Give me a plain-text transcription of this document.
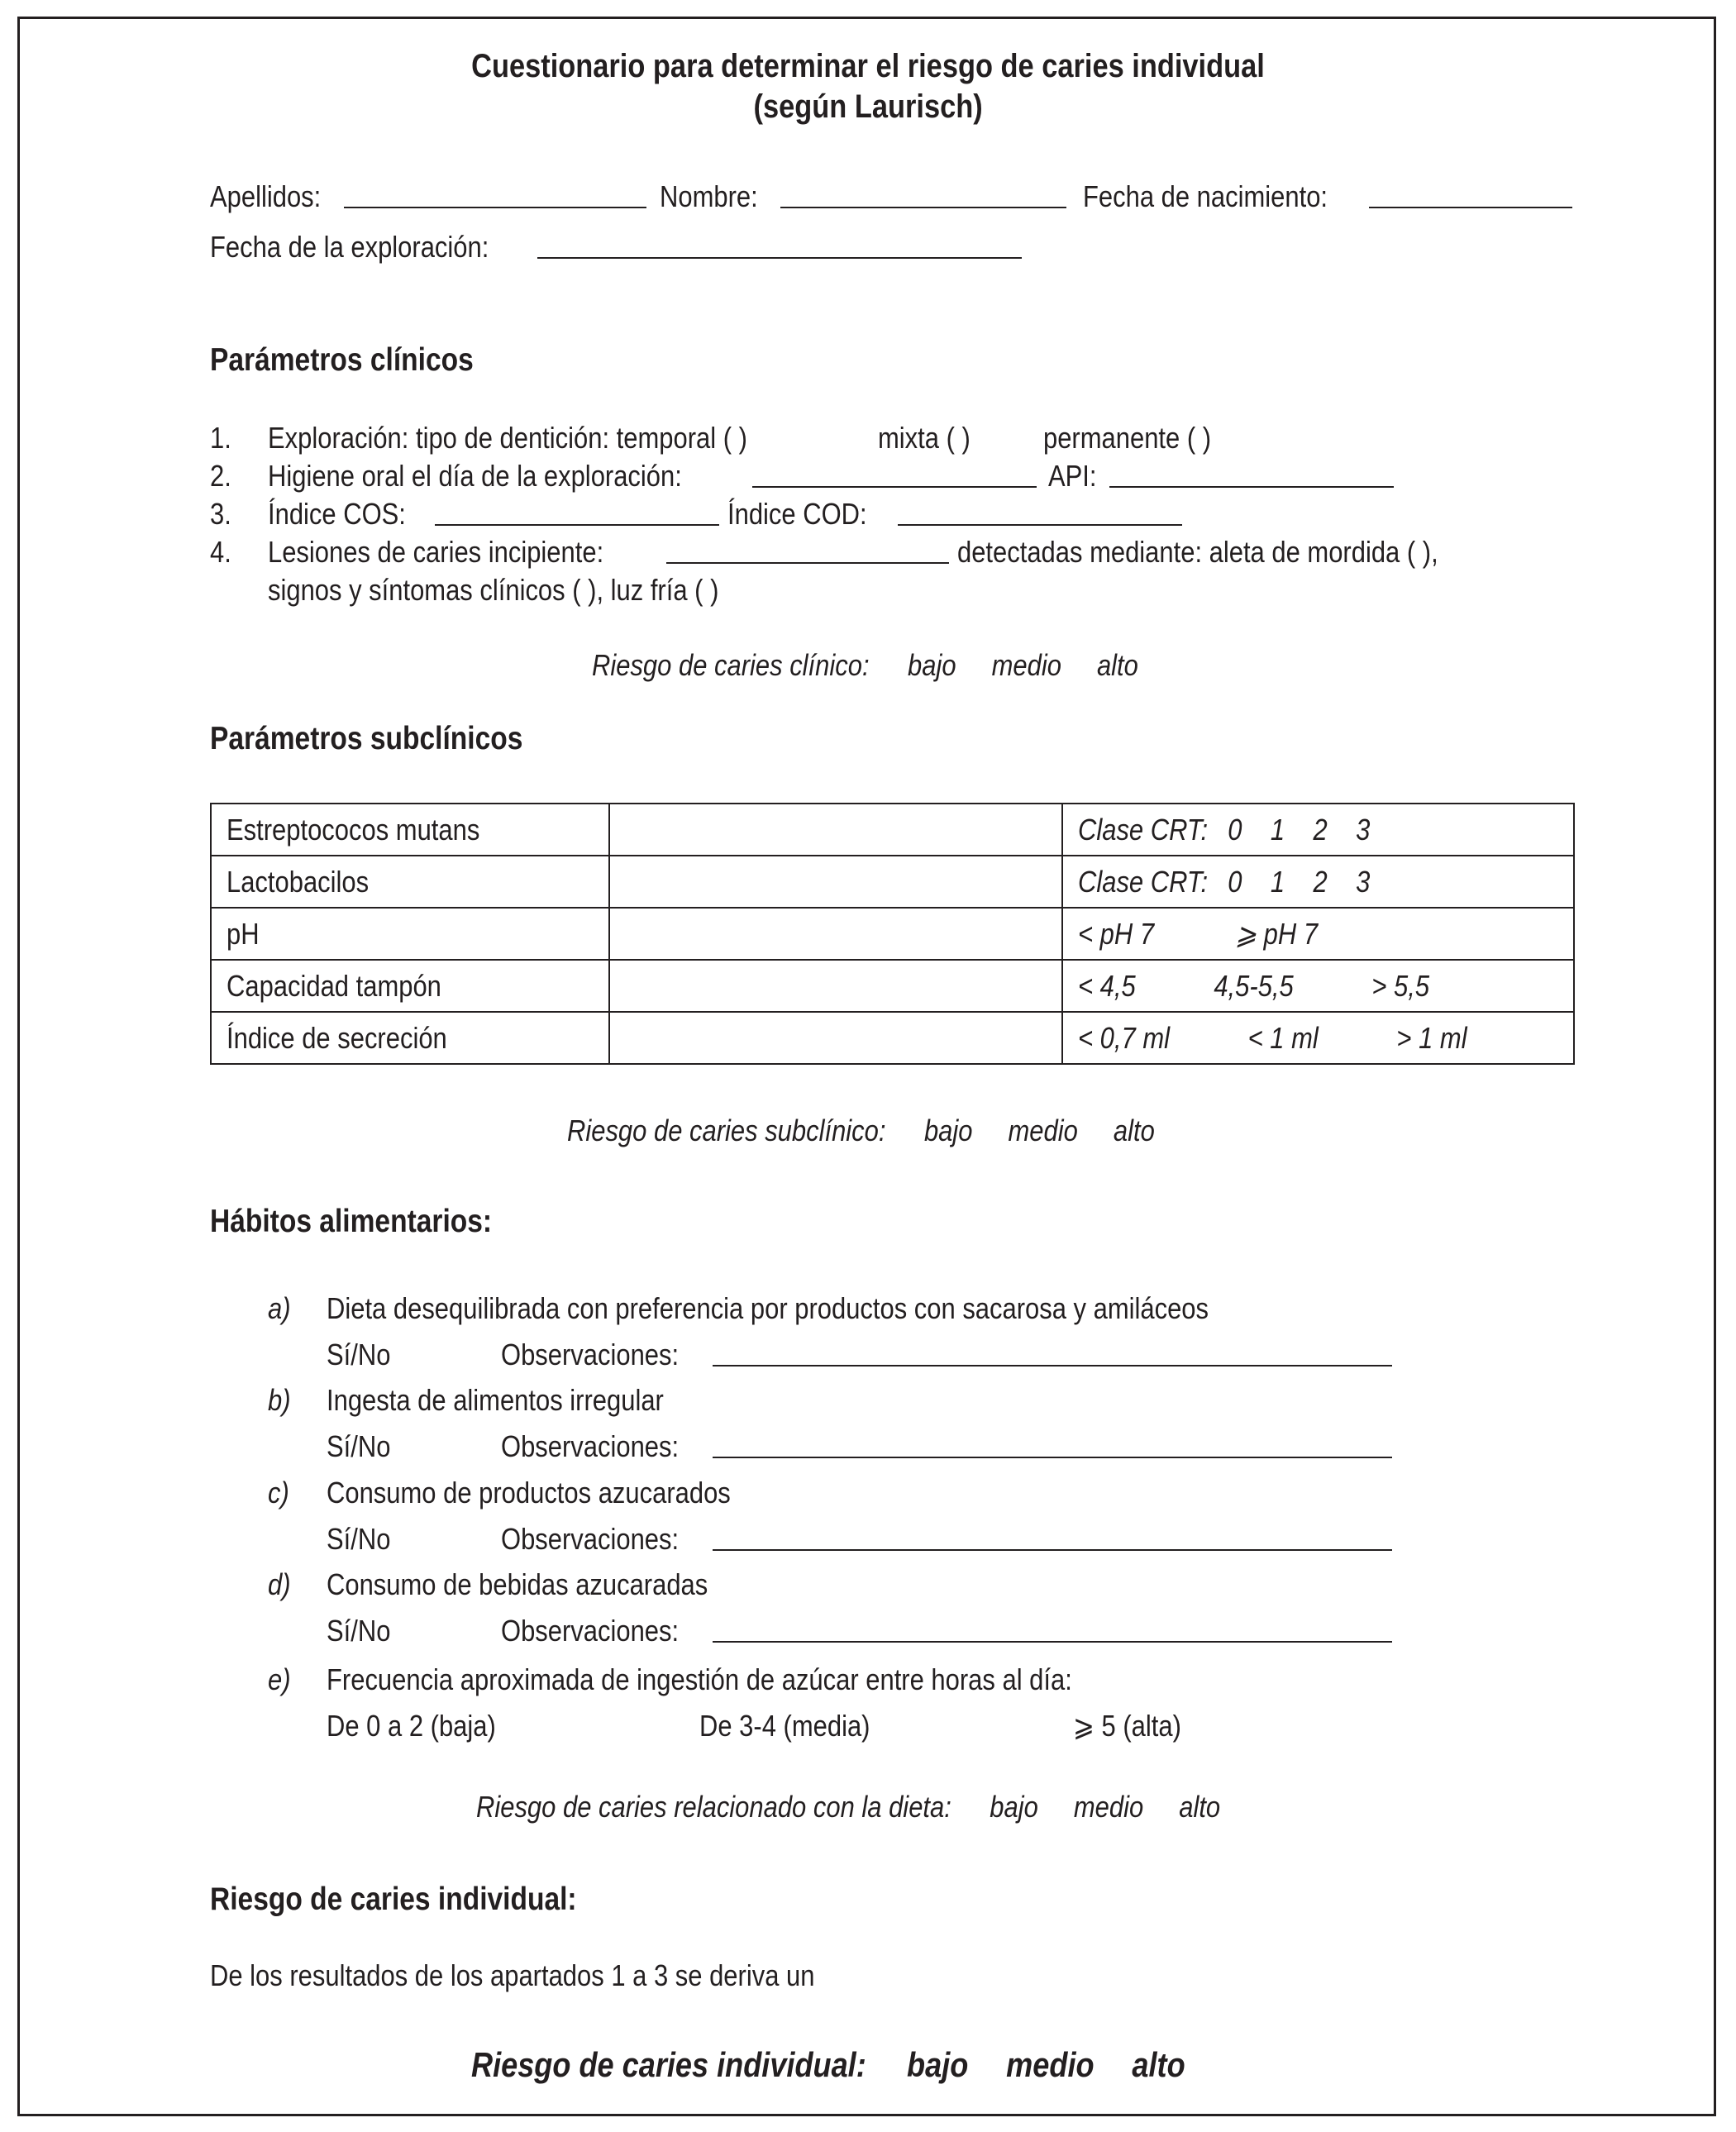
Cuestionario para determinar el riesgo de caries individual
(según Laurisch)
Apellidos:	Nombre:	Fecha de nacimiento:
Fecha de la exploración:
Parámetros clínicos
1. Exploración: tipo de dentición: temporal ( )	mixta ( )	permanente ( )
2. Higiene oral el día de la exploración:	API:
3. Índice COS:	Índice COD:
4. Lesiones de caries incipiente:	detectadas mediante: aleta de mordida ( ),
signos y síntomas clínicos ( ), luz fría ( )
Riesgo de caries clínico: bajo medio alto
Parámetros subclínicos
Estreptococos mutans		Clase CRT: 0 1 2 3
Lactobacilos		Clase CRT: 0 1 2 3
pH		< pH 7 ⩾ pH 7
Capacidad tampón		< 4,5 4,5-5,5 > 5,5
Índice de secreción		< 0,7 ml < 1 ml > 1 ml
Riesgo de caries subclínico: bajo medio alto
Hábitos alimentarios:
a) Dieta desequilibrada con preferencia por productos con sacarosa y amiláceos
Sí/No	Observaciones:
b) Ingesta de alimentos irregular
Sí/No	Observaciones:
c) Consumo de productos azucarados
Sí/No	Observaciones:
d) Consumo de bebidas azucaradas
Sí/No	Observaciones:
e) Frecuencia aproximada de ingestión de azúcar entre horas al día:
De 0 a 2 (baja)	De 3-4 (media)	⩾ 5 (alta)
Riesgo de caries relacionado con la dieta: bajo medio alto
Riesgo de caries individual:
De los resultados de los apartados 1 a 3 se deriva un
Riesgo de caries individual: bajo medio alto
